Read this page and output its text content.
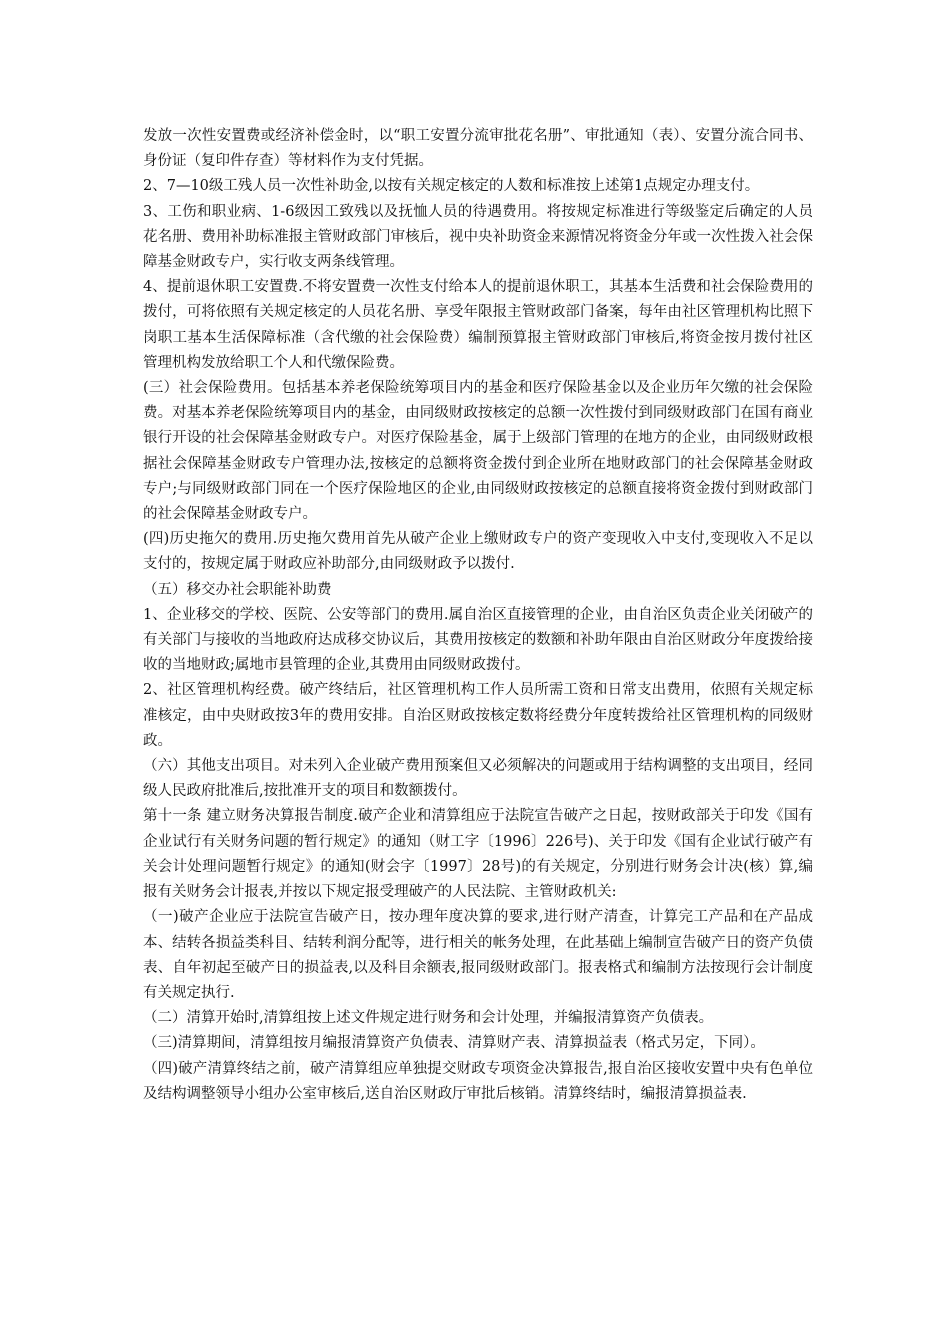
发放一次性安置费或经济补偿金时，以“职工安置分流审批花名册”、审批通知（表）、安置分流合同书、身份证（复印件存查）等材料作为支付凭据。

2、7—10级工残人员一次性补助金,以按有关规定核定的人数和标准按上述第1点规定办理支付。

3、工伤和职业病、1-6级因工致残以及抚恤人员的待遇费用。将按规定标准进行等级鉴定后确定的人员花名册、费用补助标准报主管财政部门审核后，视中央补助资金来源情况将资金分年或一次性拨入社会保障基金财政专户，实行收支两条线管理。

4、提前退休职工安置费.不将安置费一次性支付给本人的提前退休职工，其基本生活费和社会保险费用的拨付，可将依照有关规定核定的人员花名册、享受年限报主管财政部门备案，每年由社区管理机构比照下岗职工基本生活保障标准（含代缴的社会保险费）编制预算报主管财政部门审核后,将资金按月拨付社区管理机构发放给职工个人和代缴保险费。

(三）社会保险费用。包括基本养老保险统筹项目内的基金和医疗保险基金以及企业历年欠缴的社会保险费。对基本养老保险统筹项目内的基金，由同级财政按核定的总额一次性拨付到同级财政部门在国有商业银行开设的社会保障基金财政专户。对医疗保险基金，属于上级部门管理的在地方的企业，由同级财政根据社会保障基金财政专户管理办法,按核定的总额将资金拨付到企业所在地财政部门的社会保障基金财政专户;与同级财政部门同在一个医疗保险地区的企业,由同级财政按核定的总额直接将资金拨付到财政部门的社会保障基金财政专户。

(四)历史拖欠的费用.历史拖欠费用首先从破产企业上缴财政专户的资产变现收入中支付,变现收入不足以支付的，按规定属于财政应补助部分,由同级财政予以拨付.

（五）移交办社会职能补助费

1、企业移交的学校、医院、公安等部门的费用.属自治区直接管理的企业，由自治区负责企业关闭破产的有关部门与接收的当地政府达成移交协议后，其费用按核定的数额和补助年限由自治区财政分年度拨给接收的当地财政;属地市县管理的企业,其费用由同级财政拨付。

2、社区管理机构经费。破产终结后，社区管理机构工作人员所需工资和日常支出费用，依照有关规定标准核定，由中央财政按3年的费用安排。自治区财政按核定数将经费分年度转拨给社区管理机构的同级财政。

（六）其他支出项目。对未列入企业破产费用预案但又必须解决的问题或用于结构调整的支出项目，经同级人民政府批准后,按批准开支的项目和数额拨付。

第十一条 建立财务决算报告制度.破产企业和清算组应于法院宣告破产之日起，按财政部关于印发《国有企业试行有关财务问题的暂行规定》的通知（财工字〔1996〕226号)、关于印发《国有企业试行破产有关会计处理问题暂行规定》的通知(财会字〔1997〕28号)的有关规定，分别进行财务会计决(核）算,编报有关财务会计报表,并按以下规定报受理破产的人民法院、主管财政机关:

（一)破产企业应于法院宣告破产日，按办理年度决算的要求,进行财产清查，计算完工产品和在产品成本、结转各损益类科目、结转利润分配等，进行相关的帐务处理，在此基础上编制宣告破产日的资产负债表、自年初起至破产日的损益表,以及科目余额表,报同级财政部门。报表格式和编制方法按现行会计制度有关规定执行.

（二）清算开始时,清算组按上述文件规定进行财务和会计处理，并编报清算资产负债表。

（三)清算期间，清算组按月编报清算资产负债表、清算财产表、清算损益表（格式另定，下同）。

（四)破产清算终结之前，破产清算组应单独提交财政专项资金决算报告,报自治区接收安置中央有色单位及结构调整领导小组办公室审核后,送自治区财政厅审批后核销。清算终结时，编报清算损益表.
